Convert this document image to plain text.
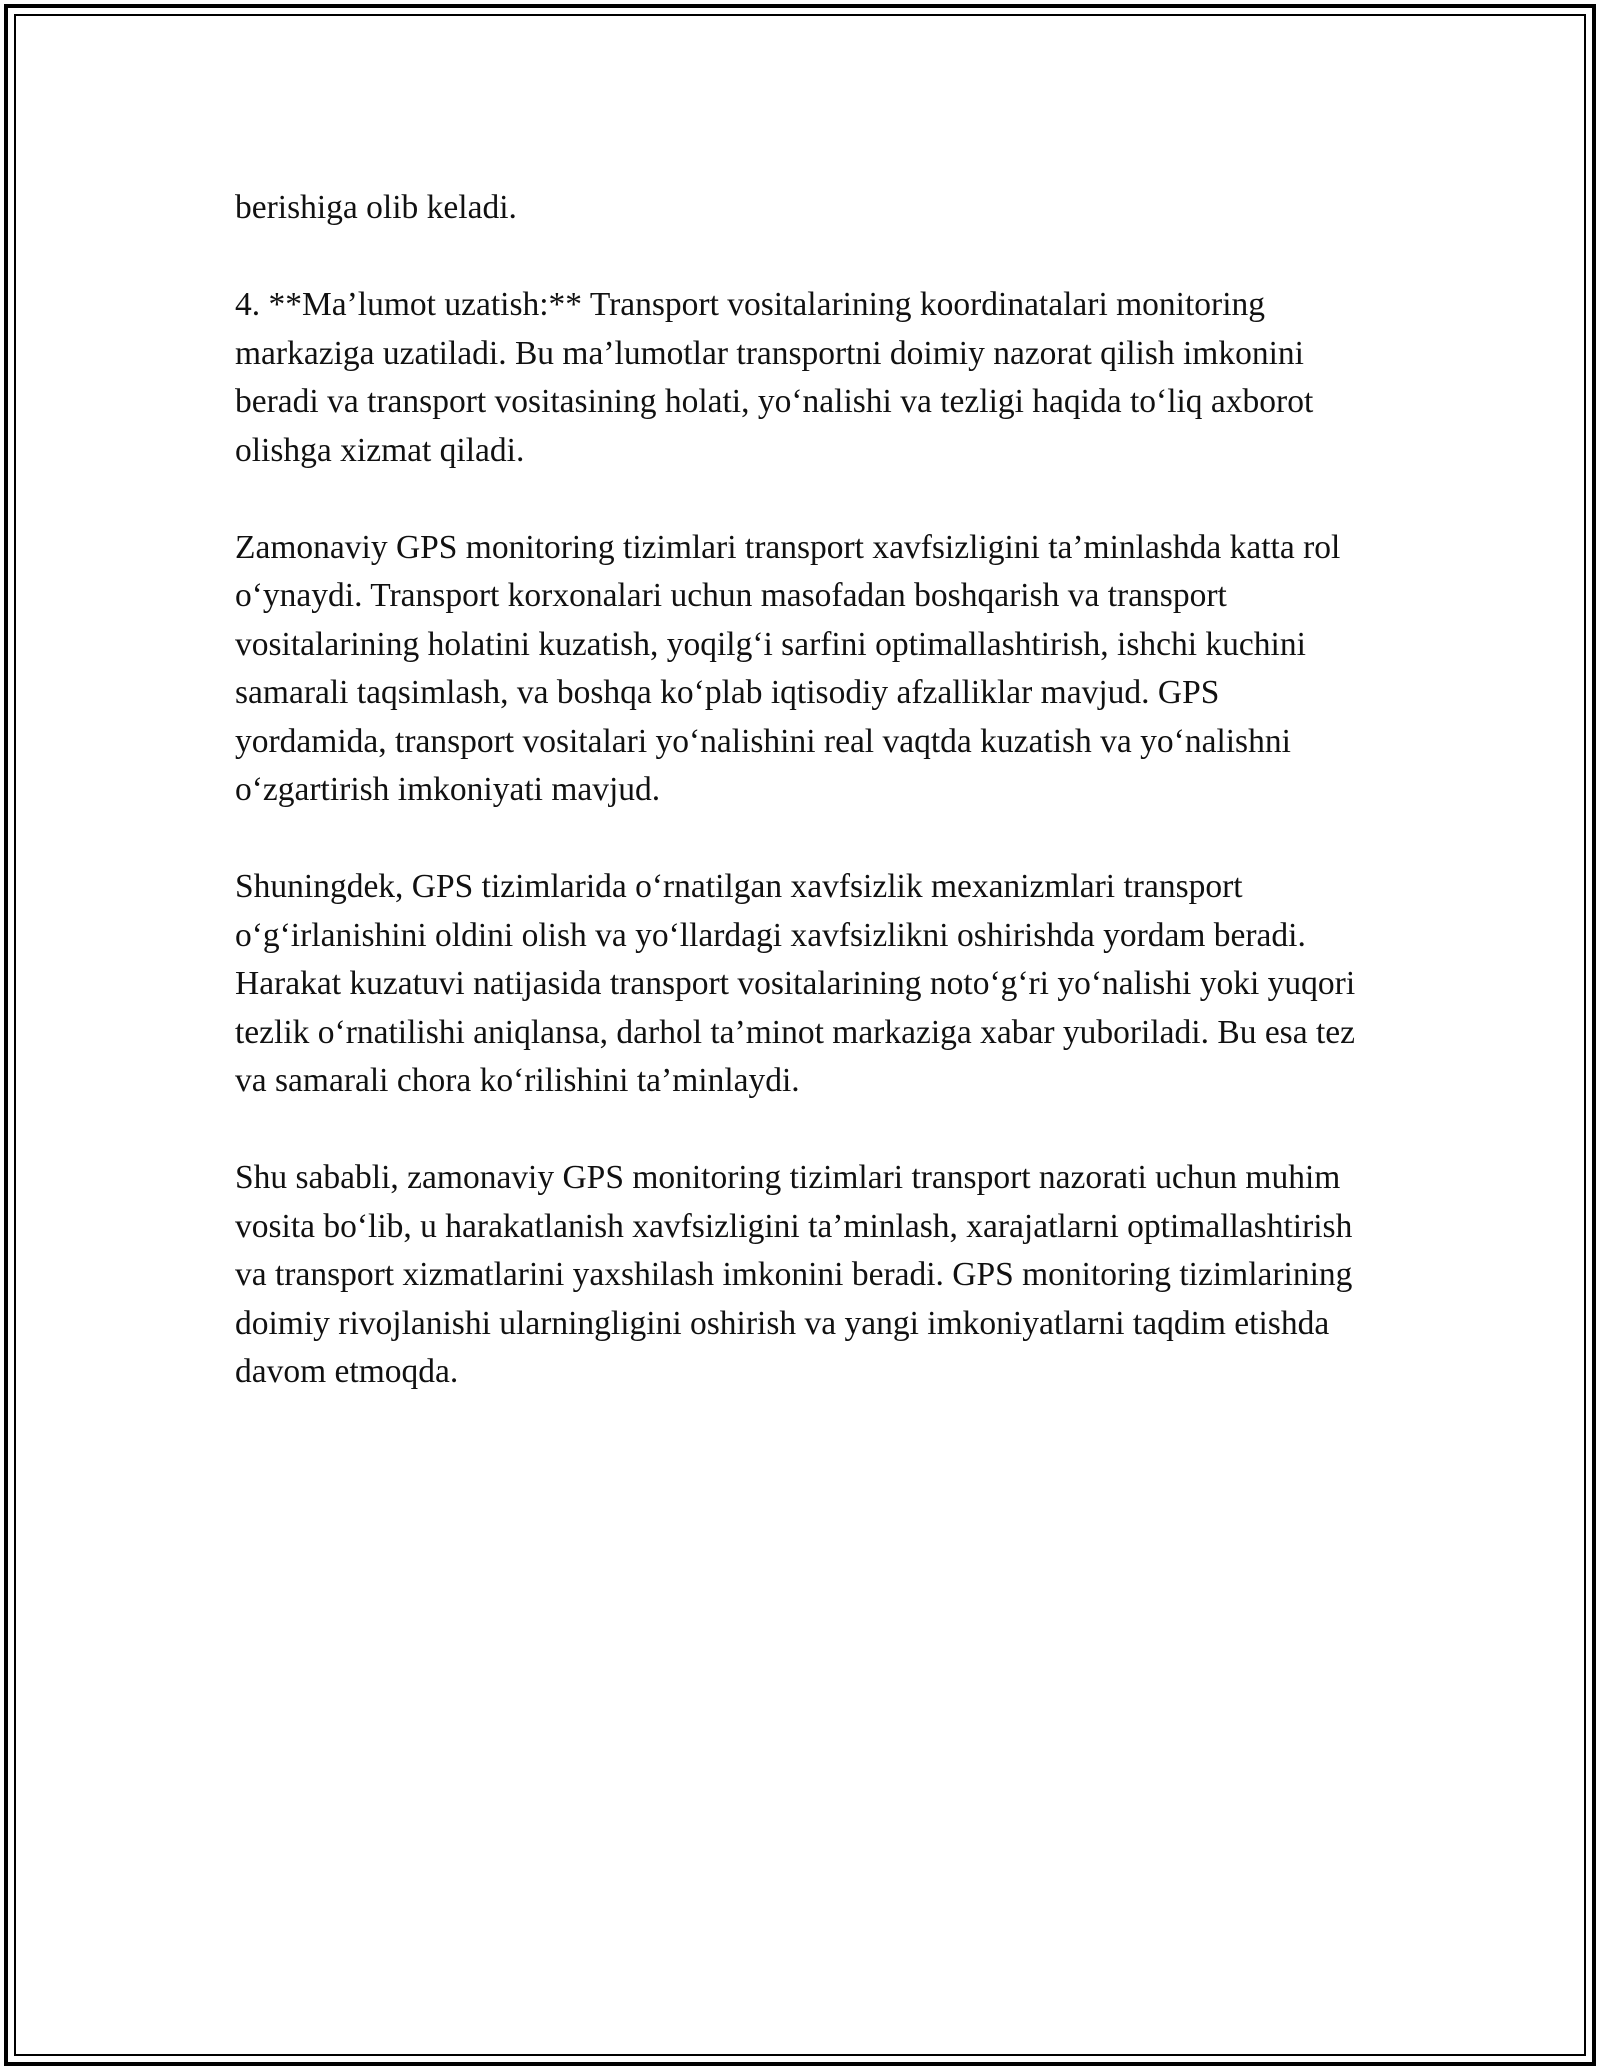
berishiga olib keladi.

4. **Ma’lumot uzatish:** Transport vositalarining koordinatalari monitoring markaziga uzatiladi. Bu ma’lumotlar transportni doimiy nazorat qilish imkonini beradi va transport vositasining holati, yo‘nalishi va tezligi haqida to‘liq axborot olishga xizmat qiladi.

Zamonaviy GPS monitoring tizimlari transport xavfsizligini ta’minlashda katta rol o‘ynaydi. Transport korxonalari uchun masofadan boshqarish va transport vositalarining holatini kuzatish, yoqilg‘i sarfini optimallashtirish, ishchi kuchini samarali taqsimlash, va boshqa ko‘plab iqtisodiy afzalliklar mavjud. GPS yordamida, transport vositalari yo‘nalishini real vaqtda kuzatish va yo‘nalishni o‘zgartirish imkoniyati mavjud.

Shuningdek, GPS tizimlarida o‘rnatilgan xavfsizlik mexanizmlari transport o‘g‘irlanishini oldini olish va yo‘llardagi xavfsizlikni oshirishda yordam beradi. Harakat kuzatuvi natijasida transport vositalarining noto‘g‘ri yo‘nalishi yoki yuqori tezlik o‘rnatilishi aniqlansa, darhol ta’minot markaziga xabar yuboriladi. Bu esa tez va samarali chora ko‘rilishini ta’minlaydi.

Shu sababli, zamonaviy GPS monitoring tizimlari transport nazorati uchun muhim vosita bo‘lib, u harakatlanish xavfsizligini ta’minlash, xarajatlarni optimallashtirish va transport xizmatlarini yaxshilash imkonini beradi. GPS monitoring tizimlarining doimiy rivojlanishi ularningligini oshirish va yangi imkoniyatlarni taqdim etishda davom etmoqda.
